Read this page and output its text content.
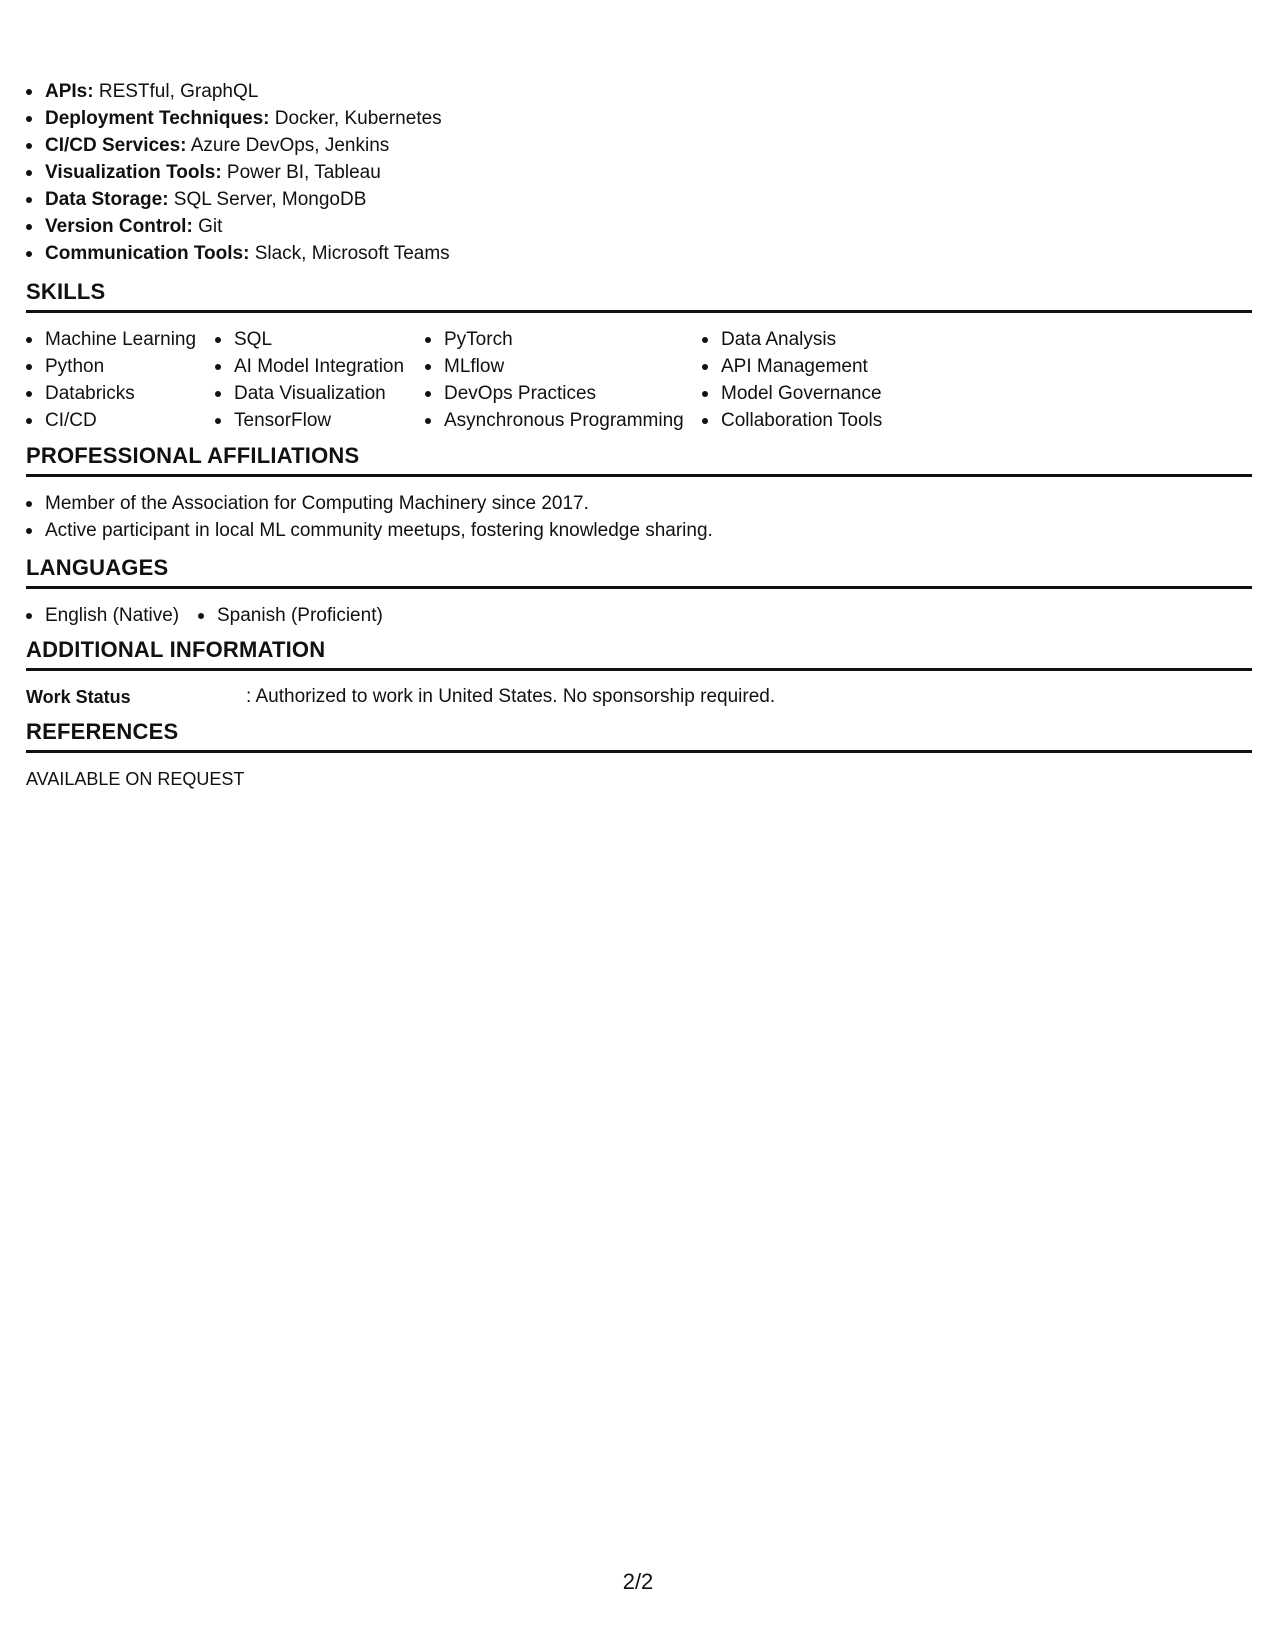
APIs: RESTful, GraphQL
Deployment Techniques: Docker, Kubernetes
CI/CD Services: Azure DevOps, Jenkins
Visualization Tools: Power BI, Tableau
Data Storage: SQL Server, MongoDB
Version Control: Git
Communication Tools: Slack, Microsoft Teams
SKILLS
Machine Learning
Python
Databricks
CI/CD
SQL
AI Model Integration
Data Visualization
TensorFlow
PyTorch
MLflow
DevOps Practices
Asynchronous Programming
Data Analysis
API Management
Model Governance
Collaboration Tools
PROFESSIONAL AFFILIATIONS
Member of the Association for Computing Machinery since 2017.
Active participant in local ML community meetups, fostering knowledge sharing.
LANGUAGES
English (Native)	Spanish (Proficient)
ADDITIONAL INFORMATION
Work Status	: Authorized to work in United States. No sponsorship required.
REFERENCES
AVAILABLE ON REQUEST
2/2
